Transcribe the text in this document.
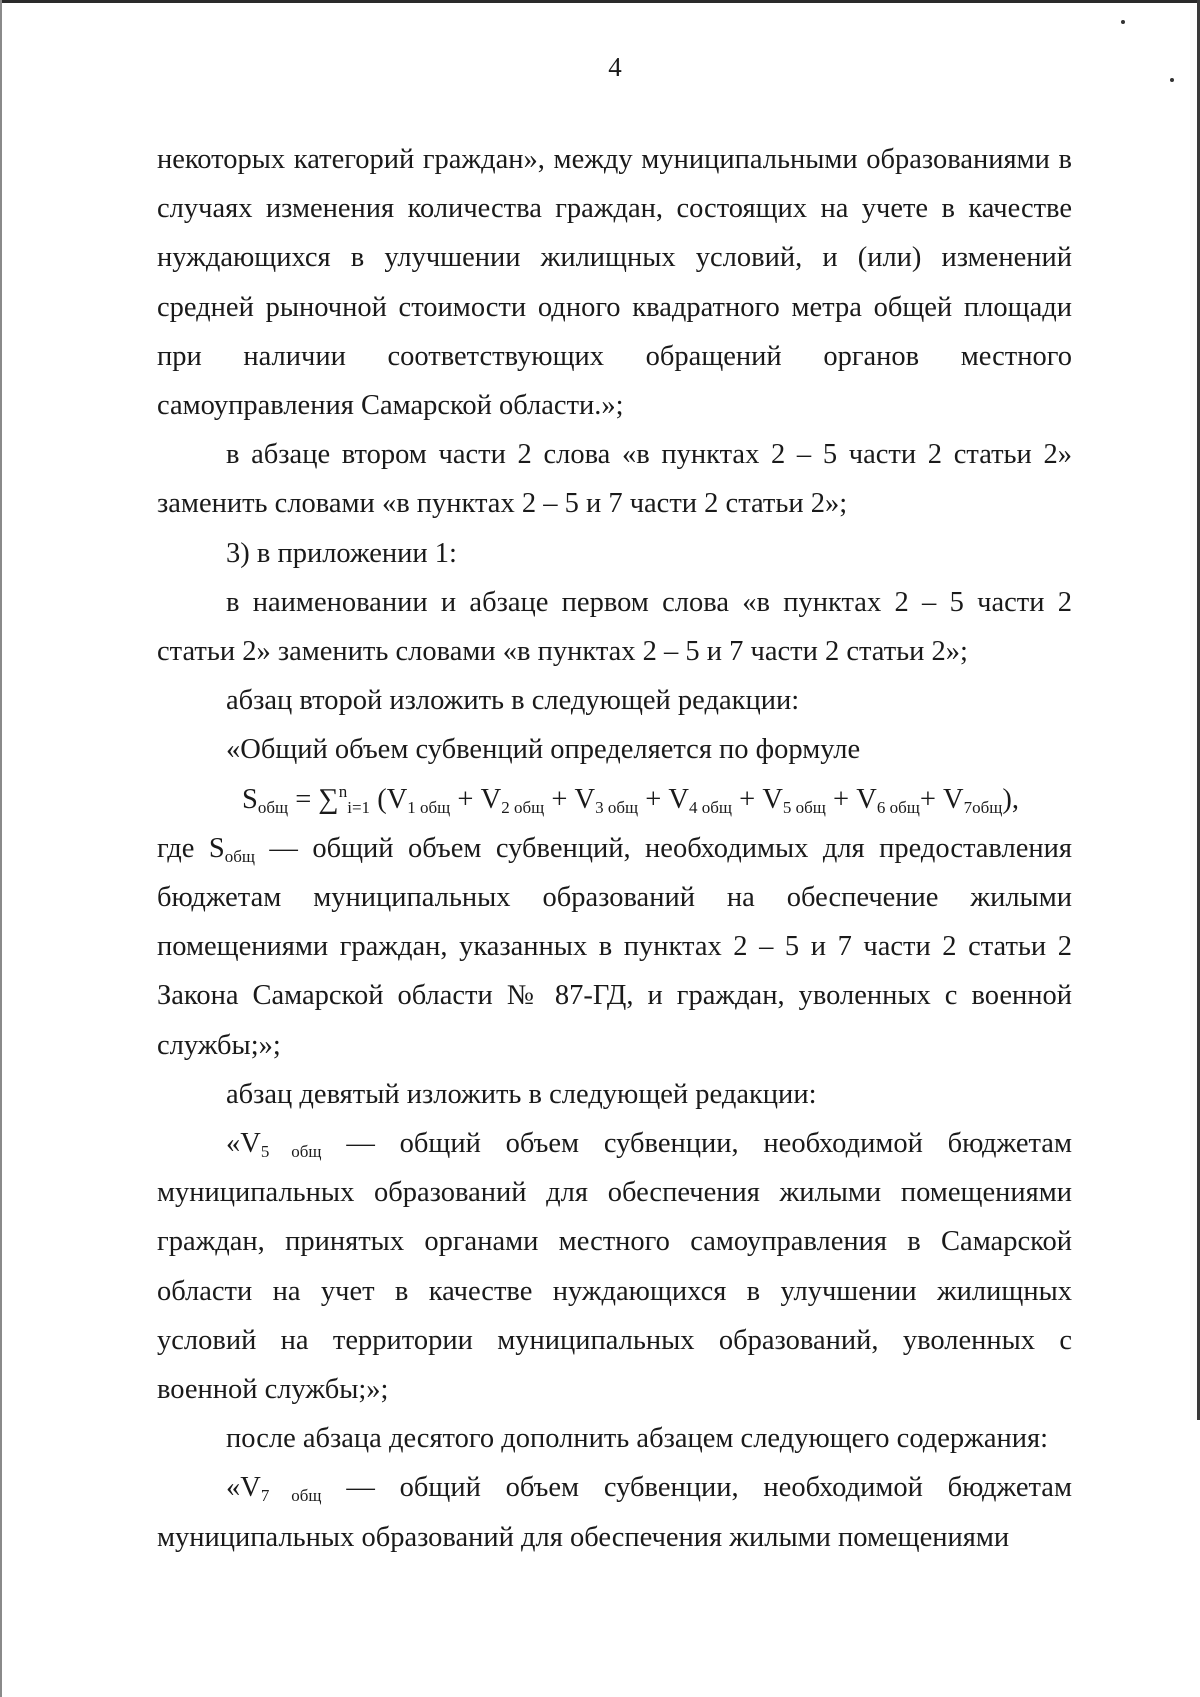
4

некоторых категорий граждан», между муниципальными образованиями в случаях изменения количества граждан, состоящих на учете в качестве нуждающихся в улучшении жилищных условий, и (или) изменений средней рыночной стоимости одного квадратного метра общей площади при наличии соответствующих обращений органов местного самоуправления Самарской области.»;

в абзаце втором части 2 слова «в пунктах 2 – 5 части 2 статьи 2» заменить словами «в пунктах 2 – 5 и 7 части 2 статьи 2»;

3) в приложении 1:

в наименовании и абзаце первом слова «в пунктах 2 – 5 части 2 статьи 2» заменить словами «в пунктах 2 – 5 и 7 части 2 статьи 2»;

абзац второй изложить в следующей редакции:

«Общий объем субвенций определяется по формуле

$S_{общ} = \sum^n_{i=1}$ $(V_{1 общ} + V_{2 общ} + V_{3 общ} + V_{4 общ} + V_{5 общ} + V_{6 общ}+ V_{7общ})$,

где Sобщ — общий объем субвенций, необходимых для предоставления бюджетам муниципальных образований на обеспечение жилыми помещениями граждан, указанных в пунктах 2 – 5 и 7 части 2 статьи 2 Закона Самарской области № 87-ГД, и граждан, уволенных с военной службы;»;

абзац девятый изложить в следующей редакции:

«V5 общ — общий объем субвенции, необходимой бюджетам муниципальных образований для обеспечения жилыми помещениями граждан, принятых органами местного самоуправления в Самарской области на учет в качестве нуждающихся в улучшении жилищных условий на территории муниципальных образований, уволенных с военной службы;»;

после абзаца десятого дополнить абзацем следующего содержания:

«V7 общ — общий объем субвенции, необходимой бюджетам муниципальных образований для обеспечения жилыми помещениями
